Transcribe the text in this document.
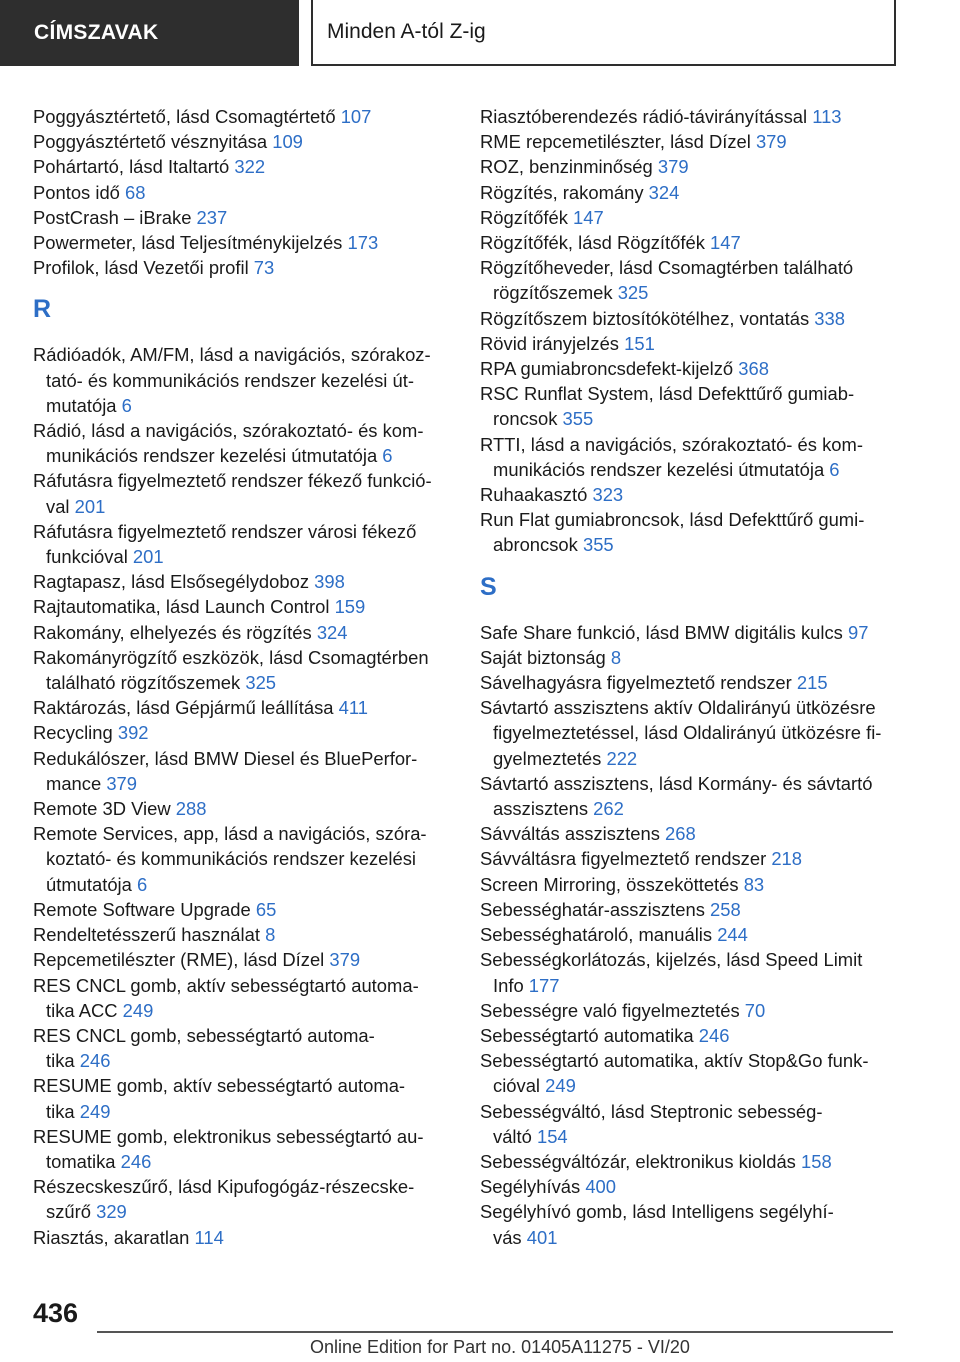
CÍMSZAVAK	Minden A-tól Z-ig
Poggyásztértető, lásd Csomagtértető 107
Poggyásztértető vésznyitása 109
Pohártartó, lásd Italtartó 322
Pontos idő 68
PostCrash – iBrake 237
Powermeter, lásd Teljesítménykijelzés 173
Profilok, lásd Vezetői profil 73
R
Rádióadók, AM/FM, lásd a navigációs, szórakoz-
tató- és kommunikációs rendszer kezelési út-
mutatója 6
Rádió, lásd a navigációs, szórakoztató- és kom-
munikációs rendszer kezelési útmutatója 6
Ráfutásra figyelmeztető rendszer fékező funkció-
val 201
Ráfutásra figyelmeztető rendszer városi fékező
funkcióval 201
Ragtapasz, lásd Elsősegélydoboz 398
Rajtautomatika, lásd Launch Control 159
Rakomány, elhelyezés és rögzítés 324
Rakományrögzítő eszközök, lásd Csomagtérben
található rögzítőszemek 325
Raktározás, lásd Gépjármű leállítása 411
Recycling 392
Redukálószer, lásd BMW Diesel és BluePerfor-
mance 379
Remote 3D View 288
Remote Services, app, lásd a navigációs, szóra-
koztató- és kommunikációs rendszer kezelési
útmutatója 6
Remote Software Upgrade 65
Rendeltetésszerű használat 8
Repcemetilészter (RME), lásd Dízel 379
RES CNCL gomb, aktív sebességtartó automa-
tika ACC 249
RES CNCL gomb, sebességtartó automa-
tika 246
RESUME gomb, aktív sebességtartó automa-
tika 249
RESUME gomb, elektronikus sebességtartó au-
tomatika 246
Részecskeszűrő, lásd Kipufogógáz-részecske-
szűrő 329
Riasztás, akaratlan 114
Riasztóberendezés rádió-távirányítással 113
RME repcemetilészter, lásd Dízel 379
ROZ, benzinminőség 379
Rögzítés, rakomány 324
Rögzítőfék 147
Rögzítőfék, lásd Rögzítőfék 147
Rögzítőheveder, lásd Csomagtérben található
rögzítőszemek 325
Rögzítőszem biztosítókötélhez, vontatás 338
Rövid irányjelzés 151
RPA gumiabroncsdefekt-kijelző 368
RSC Runflat System, lásd Defekttűrő gumiab-
roncsok 355
RTTI, lásd a navigációs, szórakoztató- és kom-
munikációs rendszer kezelési útmutatója 6
Ruhaakasztó 323
Run Flat gumiabroncsok, lásd Defekttűrő gumi-
abroncsok 355
S
Safe Share funkció, lásd BMW digitális kulcs 97
Saját biztonság 8
Sávelhagyásra figyelmeztető rendszer 215
Sávtartó asszisztens aktív Oldalirányú ütközésre
figyelmeztetéssel, lásd Oldalirányú ütközésre fi-
gyelmeztetés 222
Sávtartó asszisztens, lásd Kormány- és sávtartó
asszisztens 262
Sávváltás asszisztens 268
Sávváltásra figyelmeztető rendszer 218
Screen Mirroring, összeköttetés 83
Sebességhatár-asszisztens 258
Sebességhatároló, manuális 244
Sebességkorlátozás, kijelzés, lásd Speed Limit
Info 177
Sebességre való figyelmeztetés 70
Sebességtartó automatika 246
Sebességtartó automatika, aktív Stop&Go funk-
cióval 249
Sebességváltó, lásd Steptronic sebesség-
váltó 154
Sebességváltózár, elektronikus kioldás 158
Segélyhívás 400
Segélyhívó gomb, lásd Intelligens segélyhí-
vás 401
436
Online Edition for Part no. 01405A11275 - VI/20
